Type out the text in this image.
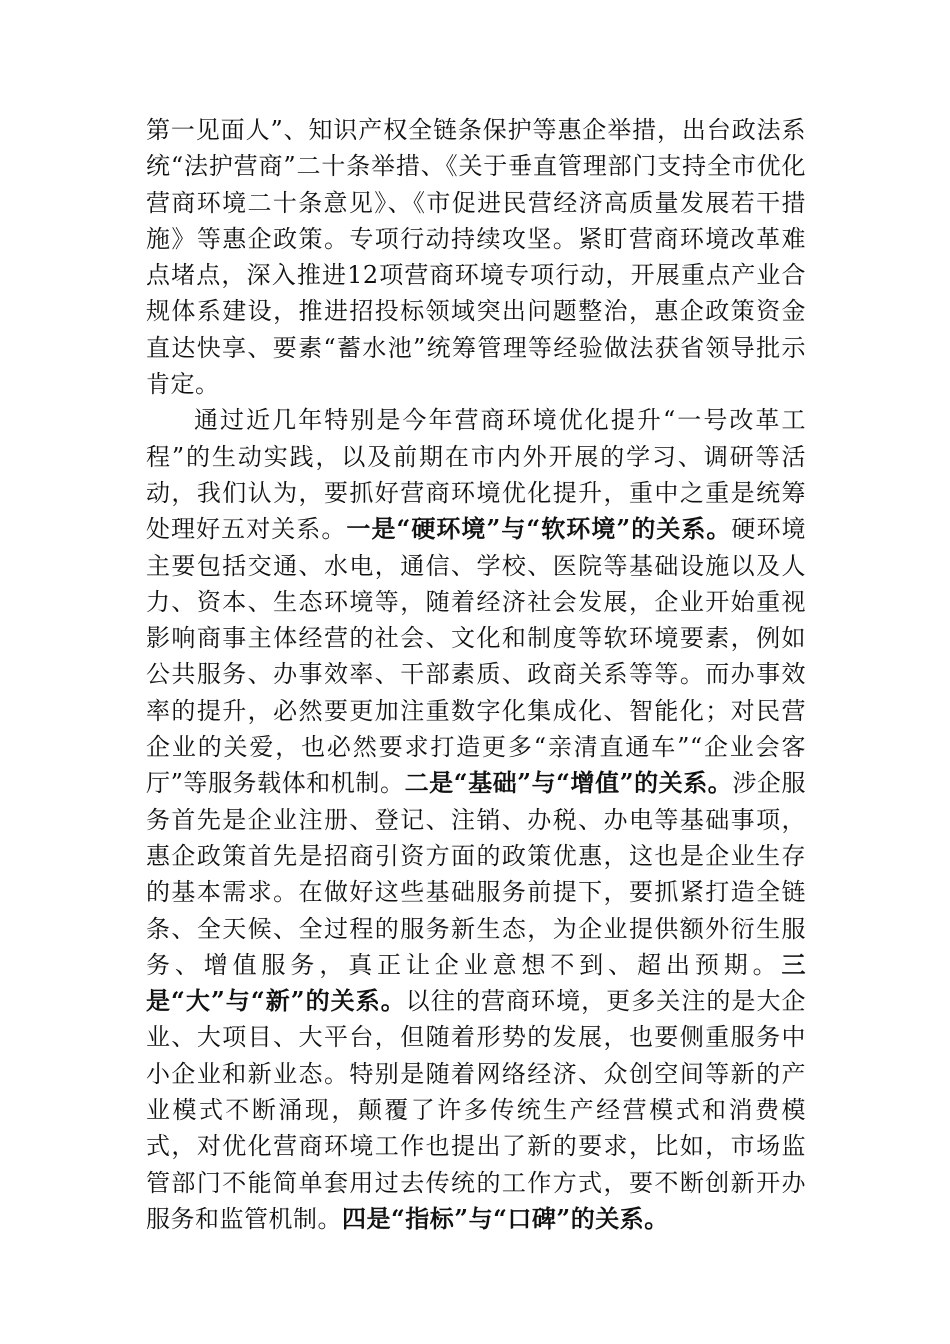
第一见面人”、知识产权全链条保护等惠企举措，出台政法系统“法护营商”二十条举措、《关于垂直管理部门支持全市优化营商环境二十条意见》、《市促进民营经济高质量发展若干措施》等惠企政策。专项行动持续攻坚。紧盯营商环境改革难点堵点，深入推进12项营商环境专项行动，开展重点产业合规体系建设，推进招投标领域突出问题整治，惠企政策资金直达快享、要素“蓄水池”统筹管理等经验做法获省领导批示肯定。

通过近几年特别是今年营商环境优化提升“一号改革工程”的生动实践，以及前期在市内外开展的学习、调研等活动，我们认为，要抓好营商环境优化提升，重中之重是统筹处理好五对关系。一是“硬环境”与“软环境”的关系。硬环境主要包括交通、水电，通信、学校、医院等基础设施以及人力、资本、生态环境等，随着经济社会发展，企业开始重视影响商事主体经营的社会、文化和制度等软环境要素，例如公共服务、办事效率、干部素质、政商关系等等。而办事效率的提升，必然要更加注重数字化集成化、智能化；对民营企业的关爱，也必然要求打造更多“亲清直通车”“企业会客厅”等服务载体和机制。二是“基础”与“增值”的关系。涉企服务首先是企业注册、登记、注销、办税、办电等基础事项，惠企政策首先是招商引资方面的政策优惠，这也是企业生存的基本需求。在做好这些基础服务前提下，要抓紧打造全链条、全天候、全过程的服务新生态，为企业提供额外衍生服务、增值服务，真正让企业意想不到、超出预期。三是“大”与“新”的关系。以往的营商环境，更多关注的是大企业、大项目、大平台，但随着形势的发展，也要侧重服务中小企业和新业态。特别是随着网络经济、众创空间等新的产业模式不断涌现，颠覆了许多传统生产经营模式和消费模式，对优化营商环境工作也提出了新的要求，比如，市场监管部门不能简单套用过去传统的工作方式，要不断创新开办服务和监管机制。四是“指标”与“口碑”的关系。
